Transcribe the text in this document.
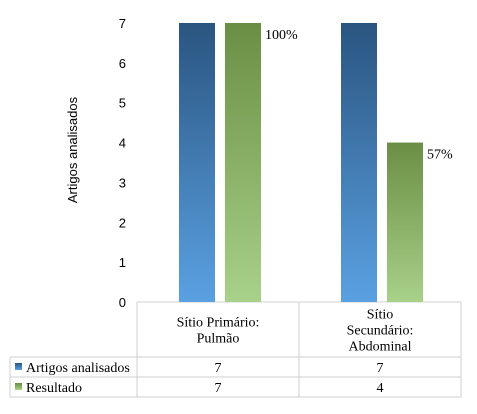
0
1
2
3
4
5
6
7
100%
57%
Sítio Primário:
Pulmão
Sítio
Secundário:
Abdominal
Artigos analisados	7	7
Resultado	7	4
Artigos analisados
